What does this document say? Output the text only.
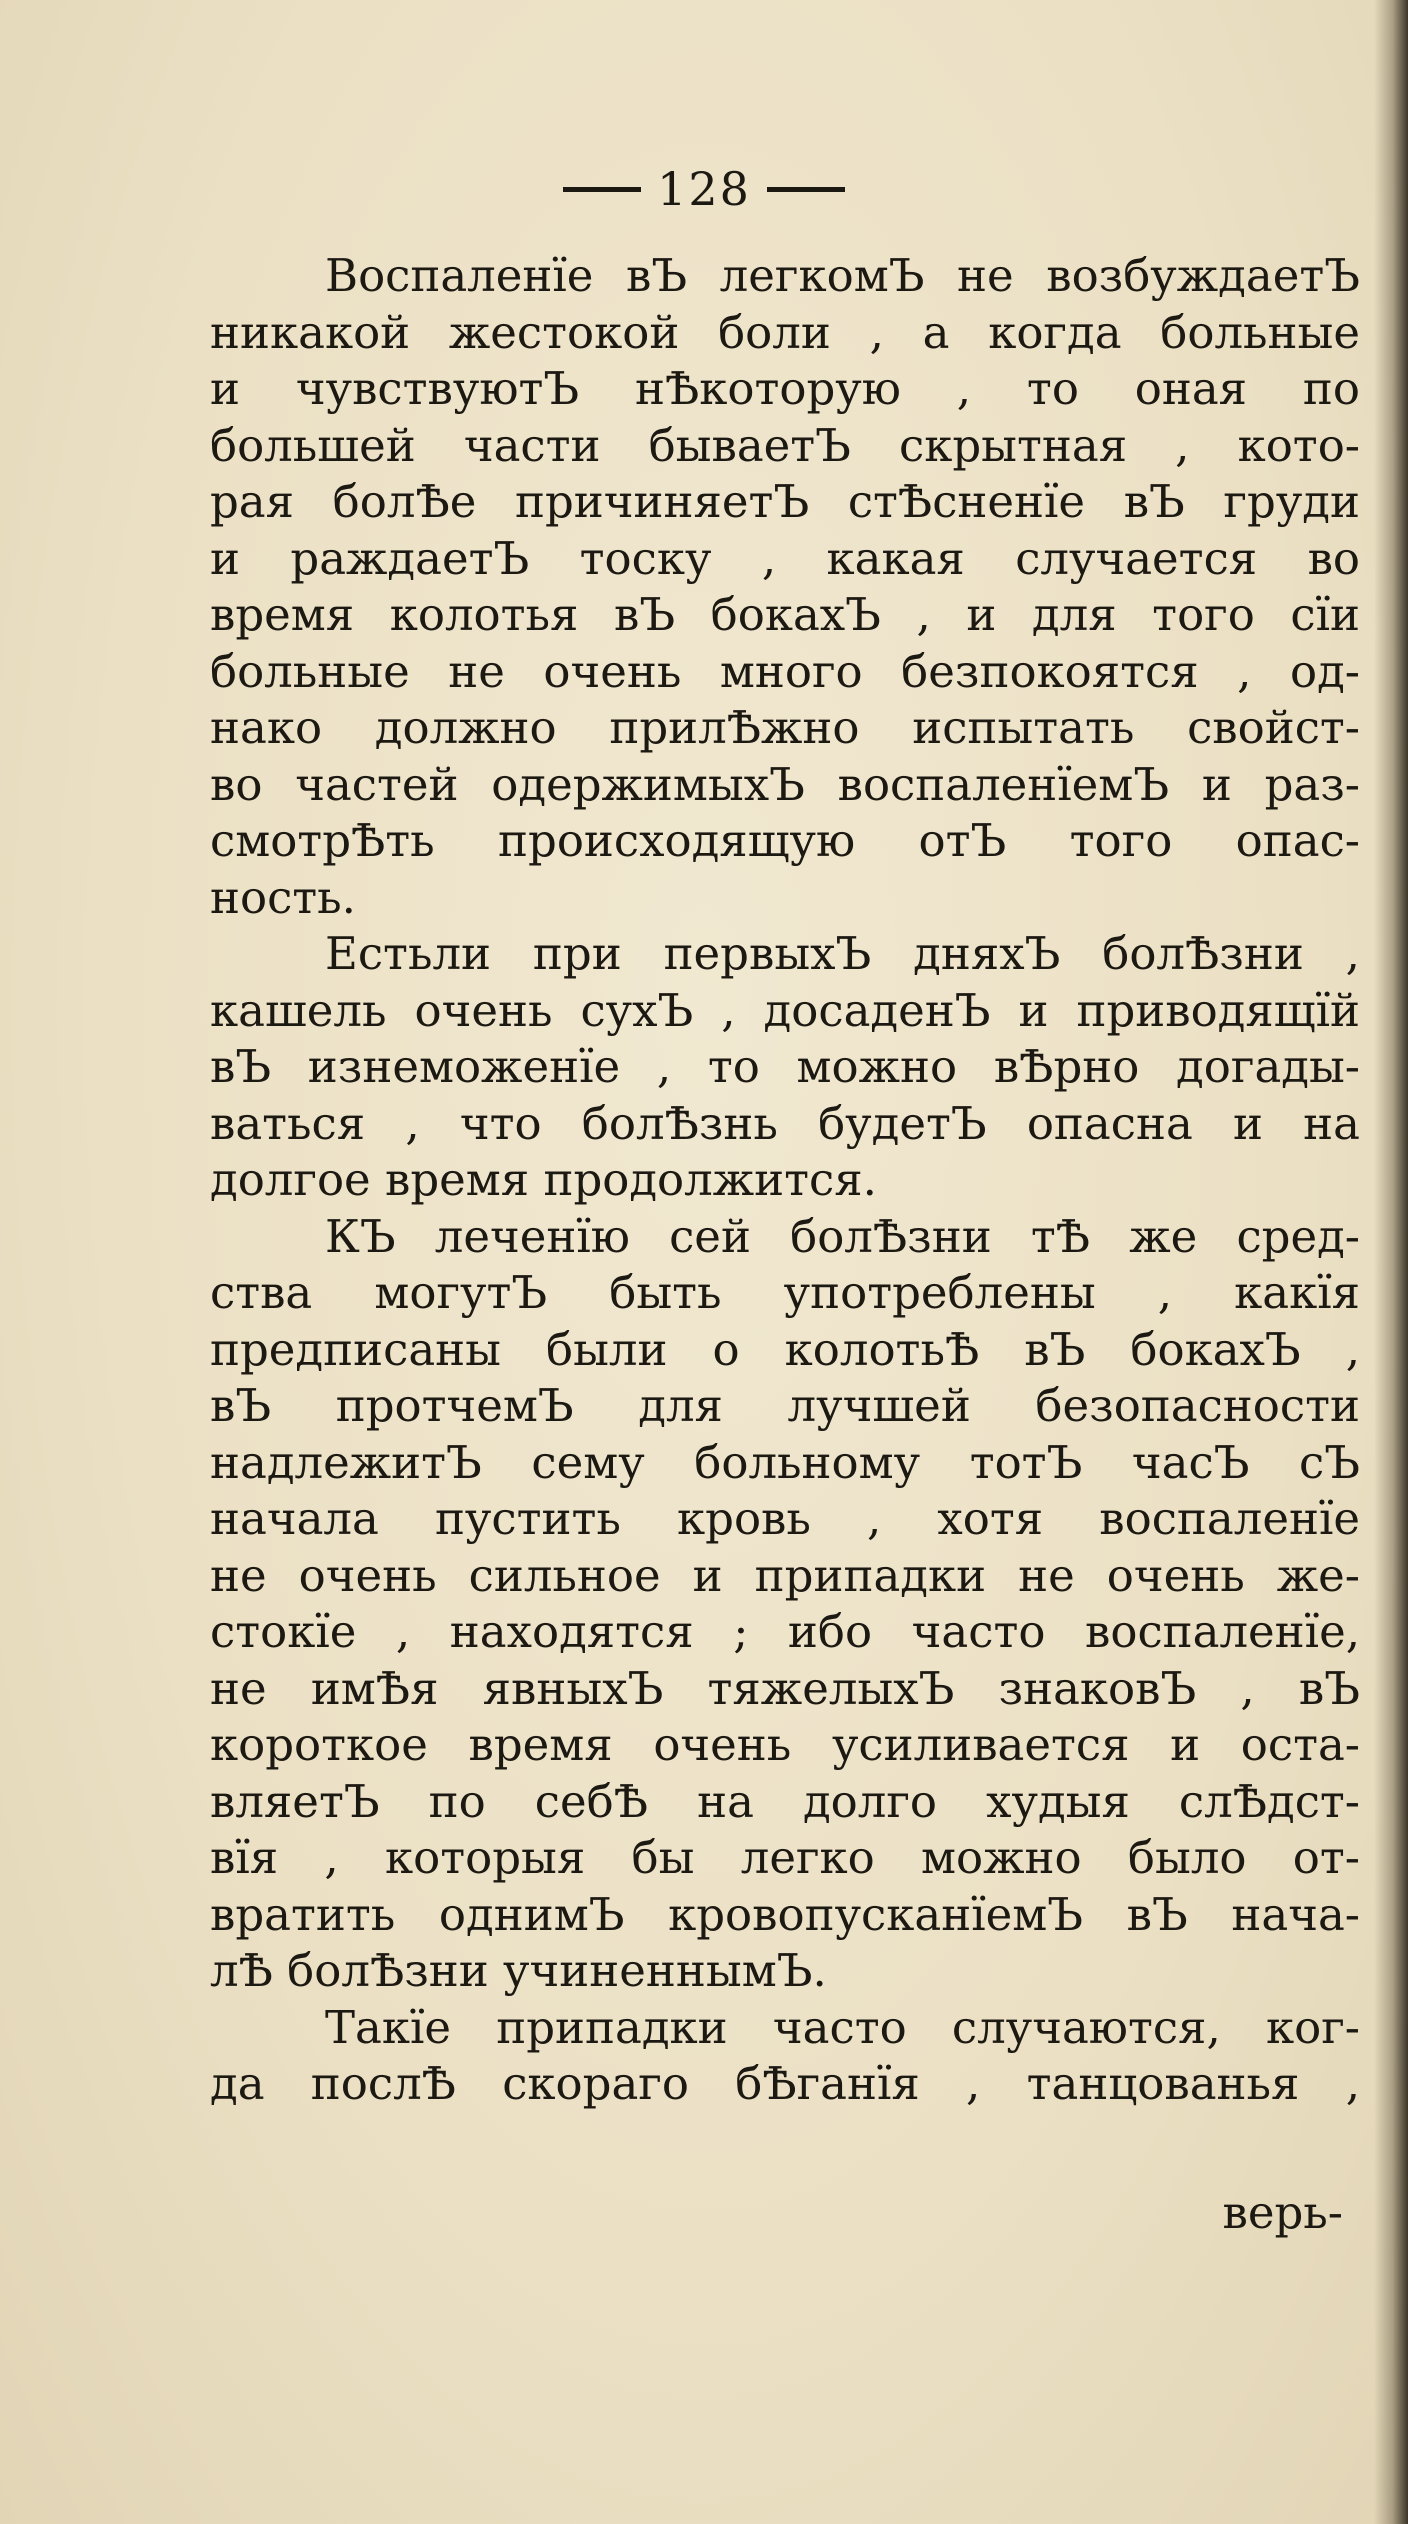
128
Воспаленїе вЪ легкомЪ не возбуждаетЪ
никакой жестокой боли , а когда больные
и чувствуютЪ нѢкоторую , то оная по
большей части бываетЪ скрытная , кото-
рая болѢе причиняетЪ стѢсненїе вЪ груди
и раждаетЪ тоску , какая случается во
время колотья вЪ бокахЪ , и для того сїи
больные не очень много безпокоятся , од-
нако должно прилѢжно испытать свойст-
во частей одержимыхЪ воспаленїемЪ и раз-
смотрѢть происходящую отЪ того опас-
ность.
Естьли при первыхЪ дняхЪ болѢзни ,
кашель очень сухЪ , досаденЪ и приводящїй
вЪ изнеможенїе , то можно вѢрно догады-
ваться , что болѢзнь будетЪ опасна и на
долгое время продолжится.
КЪ леченїю сей болѢзни тѢ же сред-
ства могутЪ быть употреблены , какїя
предписаны были о колотьѢ вЪ бокахЪ ,
вЪ протчемЪ для лучшей безопасности
надлежитЪ сему больному тотЪ часЪ сЪ
начала пустить кровь , хотя воспаленїе
не очень сильное и припадки не очень же-
стокїе , находятся ; ибо часто воспаленїе,
не имѢя явныхЪ тяжелыхЪ знаковЪ , вЪ
короткое время очень усиливается и оста-
вляетЪ по себѢ на долго худыя слѢдст-
вїя , которыя бы легко можно было от-
вратить однимЪ кровопусканїемЪ вЪ нача-
лѢ болѢзни учиненнымЪ.
Такїе припадки часто случаются, ког-
да послѢ скораго бѢганїя , танцованья ,
верь-
